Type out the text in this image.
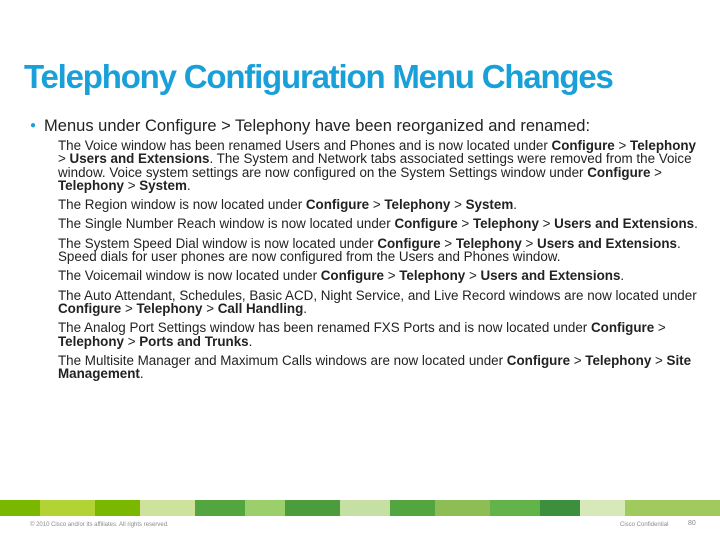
Telephony Configuration Menu Changes
● Menus under Configure > Telephony have been reorganized and renamed:

The Voice window has been renamed Users and Phones and is now located under Configure > Telephony > Users and Extensions. The System and Network tabs associated settings were removed from the Voice window. Voice system settings are now configured on the System Settings window under Configure > Telephony > System.

The Region window is now located under Configure > Telephony > System.

The Single Number Reach window is now located under Configure > Telephony > Users and Extensions.

The System Speed Dial window is now located under Configure > Telephony > Users and Extensions. Speed dials for user phones are now configured from the Users and Phones window.

The Voicemail window is now located under Configure > Telephony > Users and Extensions.

The Auto Attendant, Schedules, Basic ACD, Night Service, and Live Record windows are now located under Configure > Telephony > Call Handling.

The Analog Port Settings window has been renamed FXS Ports and is now located under Configure > Telephony > Ports and Trunks.

The Multisite Manager and Maximum Calls windows are now located under Configure > Telephony > Site Management.

© 2010 Cisco and/or its affiliates. All rights reserved.	Cisco Confidential	80
